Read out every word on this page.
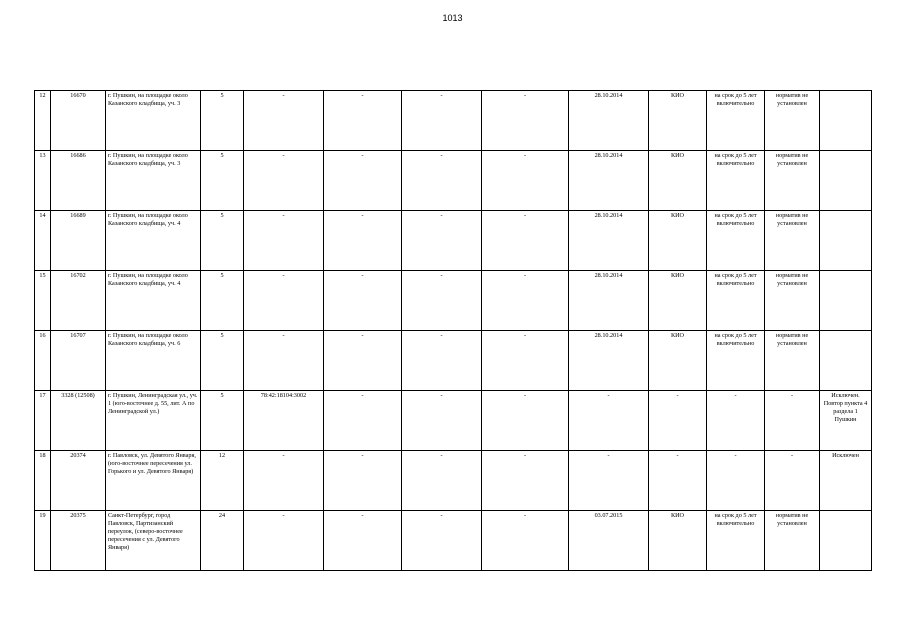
1013
12	16670	г. Пушкин, на площадке около Казанского кладбища, уч. 3	5	-	-	-	-	28.10.2014	КИО	на срок до 5 лет включительно	норматив не установлен	
13	16686	г. Пушкин, на площадке около Казанского кладбища, уч. 3	5	-	-	-	-	28.10.2014	КИО	на срок до 5 лет включительно	норматив не установлен	
14	16689	г. Пушкин, на площадке около Казанского кладбища, уч. 4	5	-	-	-	-	28.10.2014	КИО	на срок до 5 лет включительно	норматив не установлен	
15	16702	г. Пушкин, на площадке около Казанского кладбища, уч. 4	5	-	-	-	-	28.10.2014	КИО	на срок до 5 лет включительно	норматив не установлен	
16	16707	г. Пушкин, на площадке около Казанского кладбища, уч. 6	5	-	-	-	-	28.10.2014	КИО	на срок до 5 лет включительно	норматив не установлен	
17	3328 (12508)	г. Пушкин, Ленинградская ул., уч. 1 (юго-восточнее д. 55, лит. А по Ленинградской ул.)	5	78:42:18104:3002	-	-	-	-	-	-	-	Исключен. Повтор пункта 4 раздела 1 Пушкин
18	20374	г. Павловск, ул. Девятого Января, (юго-восточнее пересечения ул. Горького и ул. Девятого Января)	12	-	-	-	-	-	-	-	-	Исключен
19	20375	Санкт-Петербург, город Павловск, Партизанский переулок, (северо-восточнее пересечения с ул. Девятого Января)	24	-	-	-	-	03.07.2015	КИО	на срок до 5 лет включительно	норматив не установлен	
